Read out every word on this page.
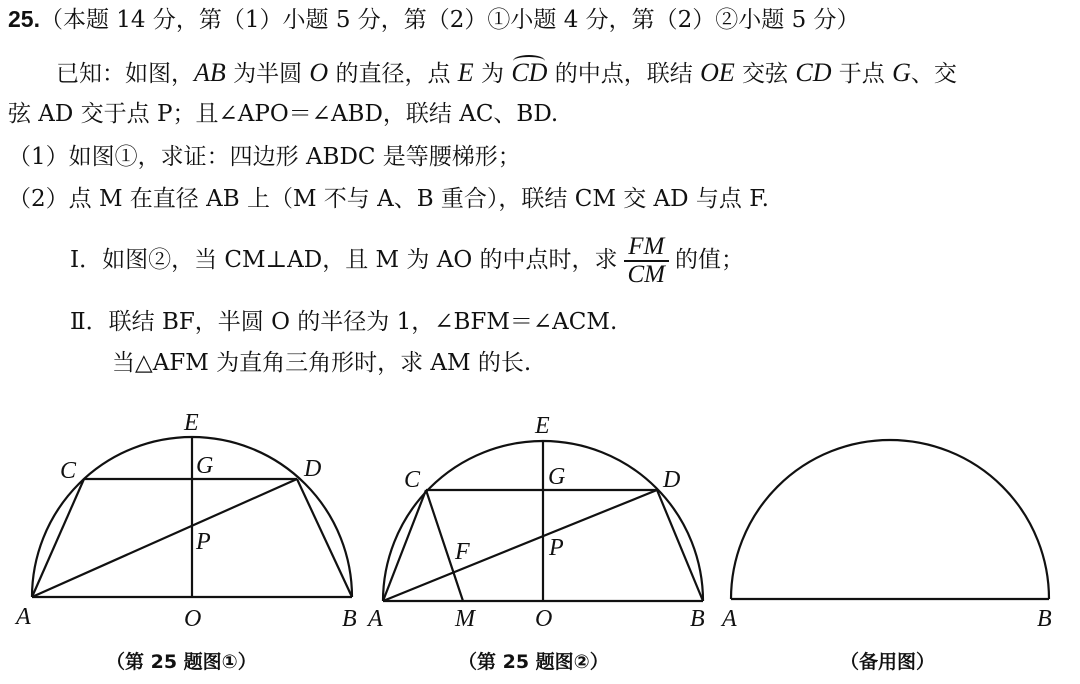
25.（本题 14 分，第（1）小题 5 分，第（2）①小题 4 分，第（2）②小题 5 分）
已知：如图，AB 为半圆 O 的直径，点 E 为 CD 的中点，联结 OE 交弦 CD 于点 G、交
弦 AD 交于点 P；且∠APO＝∠ABD，联结 AC、BD.
（1）如图①，求证：四边形 ABDC 是等腰梯形；
（2）点 M 在直径 AB 上（M 不与 A、B 重合），联结 CM 交 AD 与点 F.
Ⅰ．如图②，当 CM⊥AD，且 M 为 AO 的中点时，求 $\frac{FM}{CM}$ 的值；
Ⅱ．联结 BF，半圆 O 的半径为 1，∠BFM＝∠ACM.
当△AFM 为直角三角形时，求 AM 的长.
E
C	G	D
P
A	O	B
（第 25 题图①）
E
C	G	D
F	P
A	M	O	B
（第 25 题图②）
A	B
（备用图）
